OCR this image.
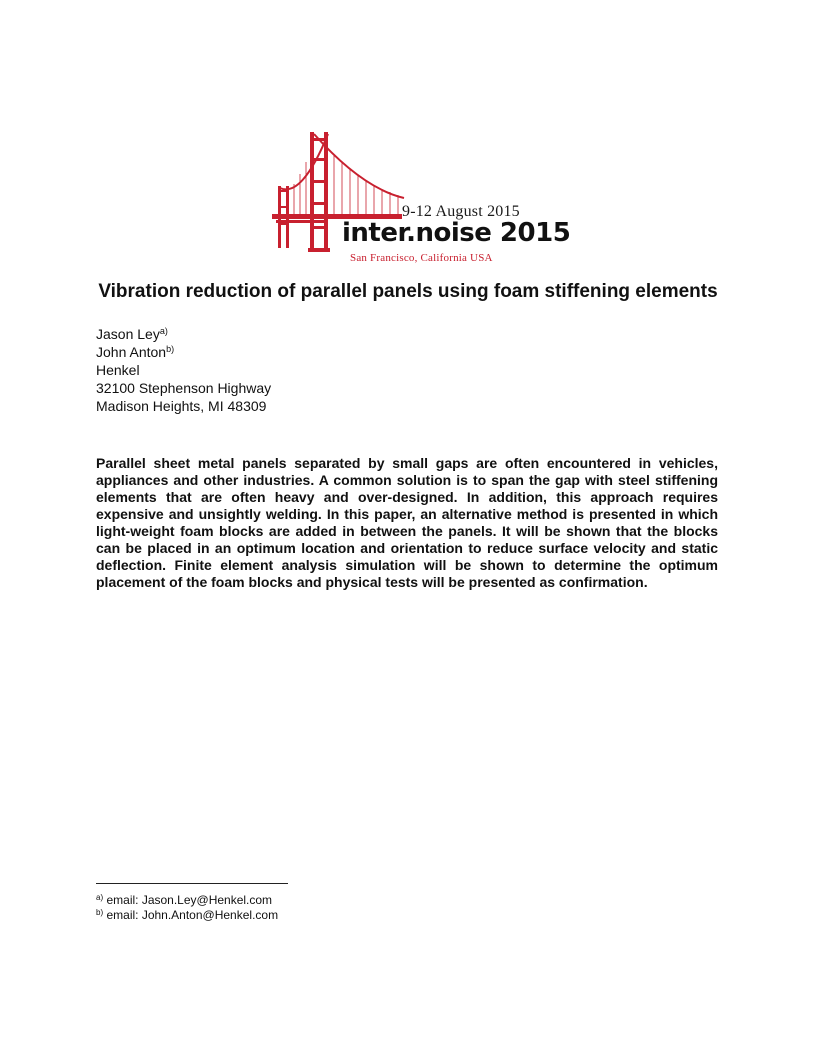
9-12 August 2015
inter.noise 2015
San Francisco, California USA
Vibration reduction of parallel panels using foam stiffening elements
Jason Ley$^{a)}$
John Anton$^{b)}$
Henkel
32100 Stephenson Highway
Madison Heights, MI 48309
Parallel sheet metal panels separated by small gaps are often encountered in vehicles, appliances and other industries. A common solution is to span the gap with steel stiffening elements that are often heavy and over-designed. In addition, this approach requires expensive and unsightly welding. In this paper, an alternative method is presented in which light-weight foam blocks are added in between the panels. It will be shown that the blocks can be placed in an optimum location and orientation to reduce surface velocity and static deflection. Finite element analysis simulation will be shown to determine the optimum placement of the foam blocks and physical tests will be presented as confirmation.
$^{a)}$ email: Jason.Ley@Henkel.com
$^{b)}$ email: John.Anton@Henkel.com
